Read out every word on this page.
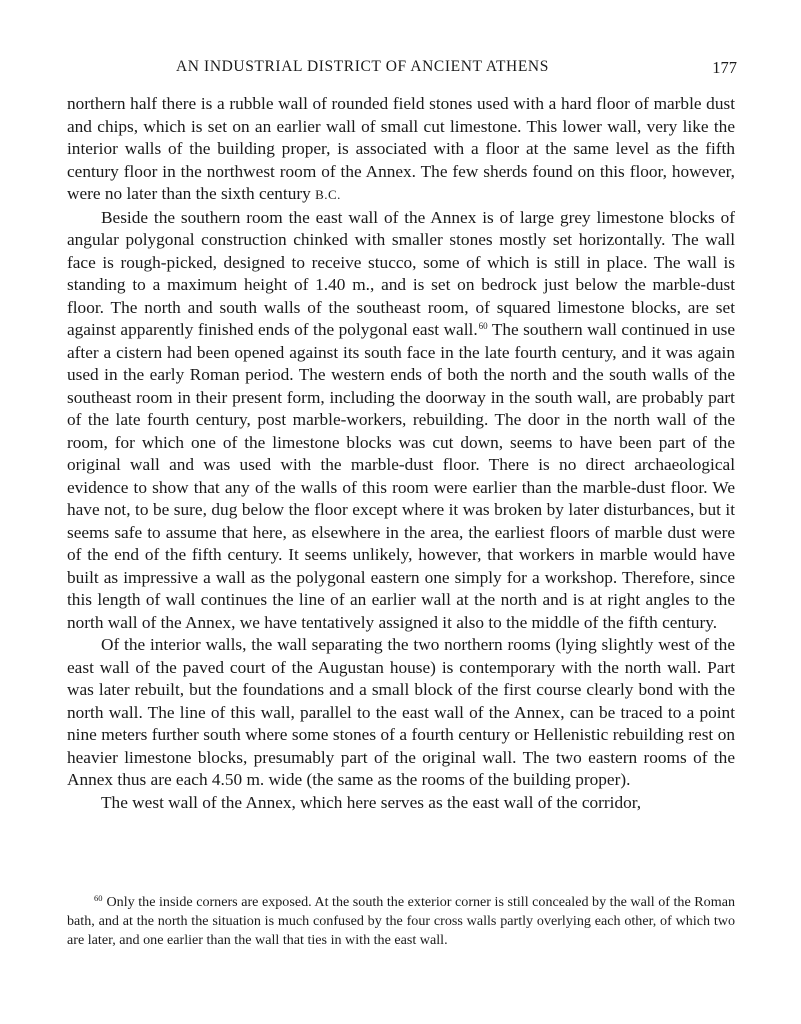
AN INDUSTRIAL DISTRICT OF ANCIENT ATHENS	177

northern half there is a rubble wall of rounded field stones used with a hard floor of marble dust and chips, which is set on an earlier wall of small cut limestone. This lower wall, very like the interior walls of the building proper, is associated with a floor at the same level as the fifth century floor in the northwest room of the Annex. The few sherds found on this floor, however, were no later than the sixth century B.C.

Beside the southern room the east wall of the Annex is of large grey limestone blocks of angular polygonal construction chinked with smaller stones mostly set horizontally. The wall face is rough-picked, designed to receive stucco, some of which is still in place. The wall is standing to a maximum height of 1.40 m., and is set on bedrock just below the marble-dust floor. The north and south walls of the southeast room, of squared limestone blocks, are set against apparently finished ends of the polygonal east wall.$^{60}$ The southern wall continued in use after a cistern had been opened against its south face in the late fourth century, and it was again used in the early Roman period. The western ends of both the north and the south walls of the southeast room in their present form, including the doorway in the south wall, are probably part of the late fourth century, post marble-workers, rebuilding. The door in the north wall of the room, for which one of the limestone blocks was cut down, seems to have been part of the original wall and was used with the marble-dust floor. There is no direct archaeological evidence to show that any of the walls of this room were earlier than the marble-dust floor. We have not, to be sure, dug below the floor except where it was broken by later disturbances, but it seems safe to assume that here, as elsewhere in the area, the earliest floors of marble dust were of the end of the fifth century. It seems unlikely, however, that workers in marble would have built as impressive a wall as the polygonal eastern one simply for a workshop. Therefore, since this length of wall continues the line of an earlier wall at the north and is at right angles to the north wall of the Annex, we have tentatively assigned it also to the middle of the fifth century.

Of the interior walls, the wall separating the two northern rooms (lying slightly west of the east wall of the paved court of the Augustan house) is contemporary with the north wall. Part was later rebuilt, but the foundations and a small block of the first course clearly bond with the north wall. The line of this wall, parallel to the east wall of the Annex, can be traced to a point nine meters further south where some stones of a fourth century or Hellenistic rebuilding rest on heavier limestone blocks, presumably part of the original wall. The two eastern rooms of the Annex thus are each 4.50 m. wide (the same as the rooms of the building proper).

The west wall of the Annex, which here serves as the east wall of the corridor,

$^{60}$ Only the inside corners are exposed. At the south the exterior corner is still concealed by the wall of the Roman bath, and at the north the situation is much confused by the four cross walls partly overlying each other, of which two are later, and one earlier than the wall that ties in with the east wall.
